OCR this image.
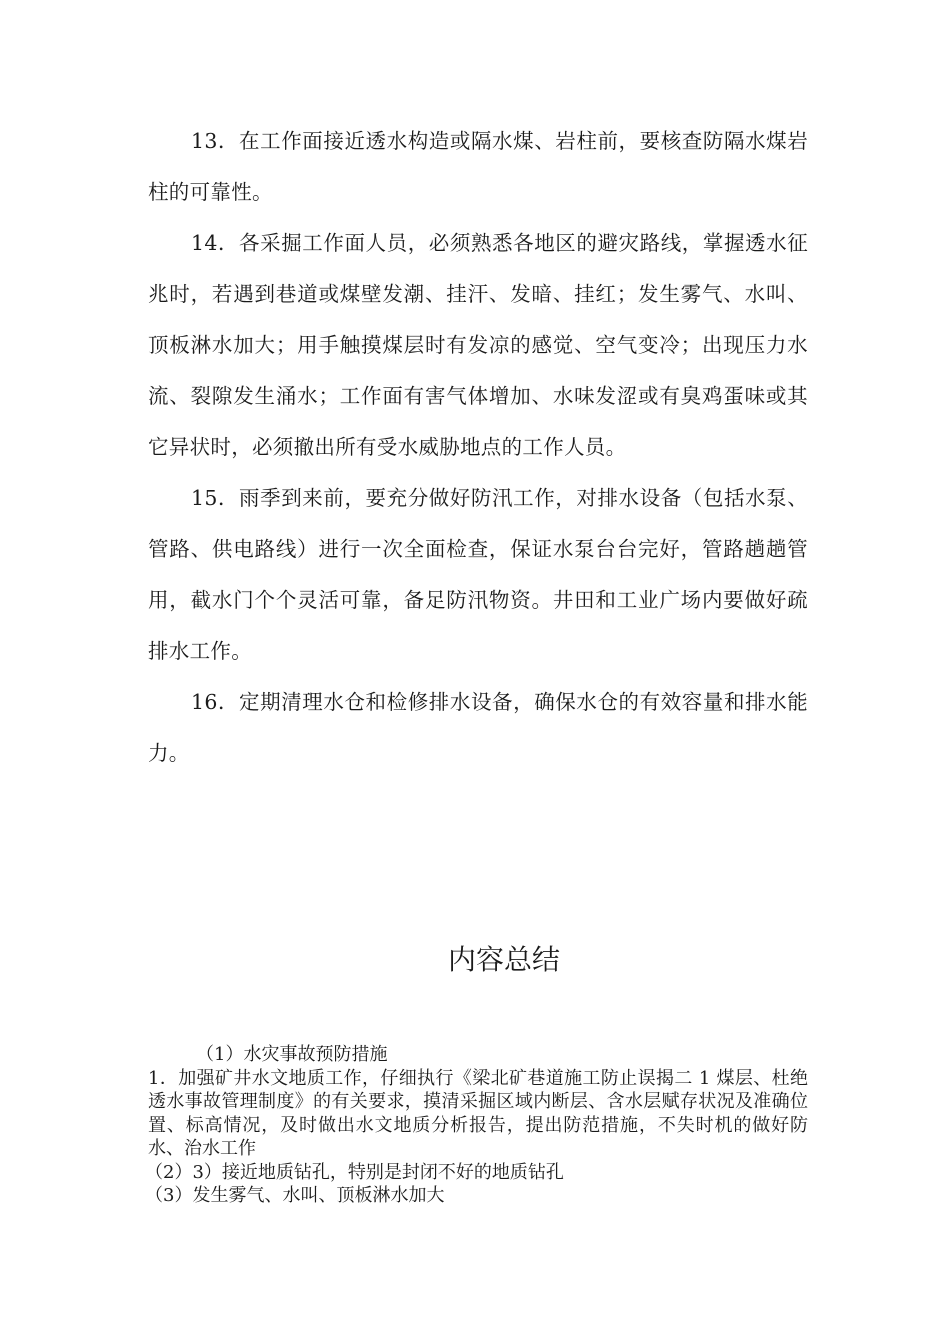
13．在工作面接近透水构造或隔水煤、岩柱前，要核查防隔水煤岩柱的可靠性。

14．各采掘工作面人员，必须熟悉各地区的避灾路线，掌握透水征兆时，若遇到巷道或煤壁发潮、挂汗、发暗、挂红；发生雾气、水叫、顶板淋水加大；用手触摸煤层时有发凉的感觉、空气变冷；出现压力水流、裂隙发生涌水；工作面有害气体增加、水味发涩或有臭鸡蛋味或其它异状时，必须撤出所有受水威胁地点的工作人员。

15．雨季到来前，要充分做好防汛工作，对排水设备（包括水泵、管路、供电路线）进行一次全面检查，保证水泵台台完好，管路趟趟管用，截水门个个灵活可靠，备足防汛物资。井田和工业广场内要做好疏排水工作。

16．定期清理水仓和检修排水设备，确保水仓的有效容量和排水能力。

内容总结

（1）水灾事故预防措施

1．加强矿井水文地质工作，仔细执行《梁北矿巷道施工防止误揭二 1 煤层、杜绝透水事故管理制度》的有关要求，摸清采掘区域内断层、含水层赋存状况及准确位置、标高情况，及时做出水文地质分析报告，提出防范措施，不失时机的做好防水、治水工作

（2）3）接近地质钻孔，特别是封闭不好的地质钻孔

（3）发生雾气、水叫、顶板淋水加大
